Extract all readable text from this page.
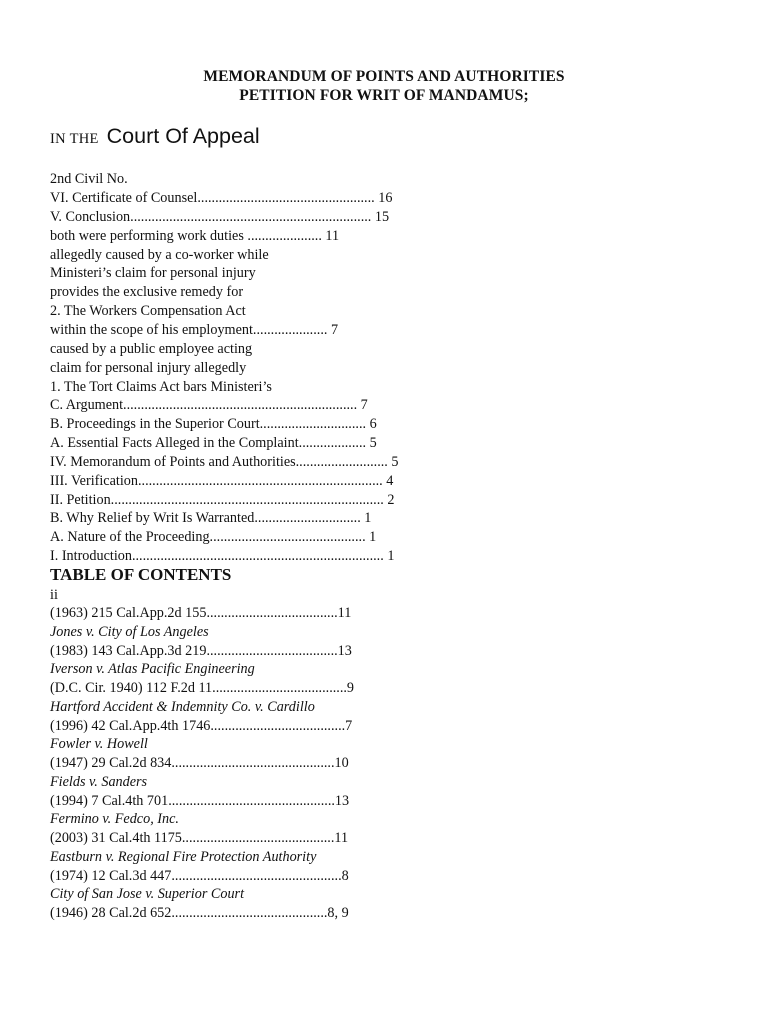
MEMORANDUM OF POINTS AND AUTHORITIES
PETITION FOR WRIT OF MANDAMUS;
IN THE Court Of Appeal
2nd Civil No.
VI. Certificate of Counsel.................................................. 16
V. Conclusion.................................................................... 15
both were performing work duties ..................... 11
allegedly caused by a co-worker while
Ministeri’s claim for personal injury
provides the exclusive remedy for
2. The Workers Compensation Act
within the scope of his employment..................... 7
caused by a public employee acting
claim for personal injury allegedly
1. The Tort Claims Act bars Ministeri’s
C. Argument.................................................................. 7
B. Proceedings in the Superior Court.............................. 6
A. Essential Facts Alleged in the Complaint................... 5
IV. Memorandum of Points and Authorities.......................... 5
III. Verification..................................................................... 4
II. Petition............................................................................. 2
B. Why Relief by Writ Is Warranted.............................. 1
A. Nature of the Proceeding............................................ 1
I. Introduction....................................................................... 1
TABLE OF CONTENTS
ii
(1963) 215 Cal.App.2d 155.....................................11
Jones v. City of Los Angeles
(1983) 143 Cal.App.3d 219.....................................13
Iverson v. Atlas Pacific Engineering
(D.C. Cir. 1940) 112 F.2d 11......................................9
Hartford Accident & Indemnity Co. v. Cardillo
(1996) 42 Cal.App.4th 1746......................................7
Fowler v. Howell
(1947) 29 Cal.2d 834..............................................10
Fields v. Sanders
(1994) 7 Cal.4th 701...............................................13
Fermino v. Fedco, Inc.
(2003) 31 Cal.4th 1175...........................................11
Eastburn v. Regional Fire Protection Authority
(1974) 12 Cal.3d 447................................................8
City of San Jose v. Superior Court
(1946) 28 Cal.2d 652............................................8, 9
